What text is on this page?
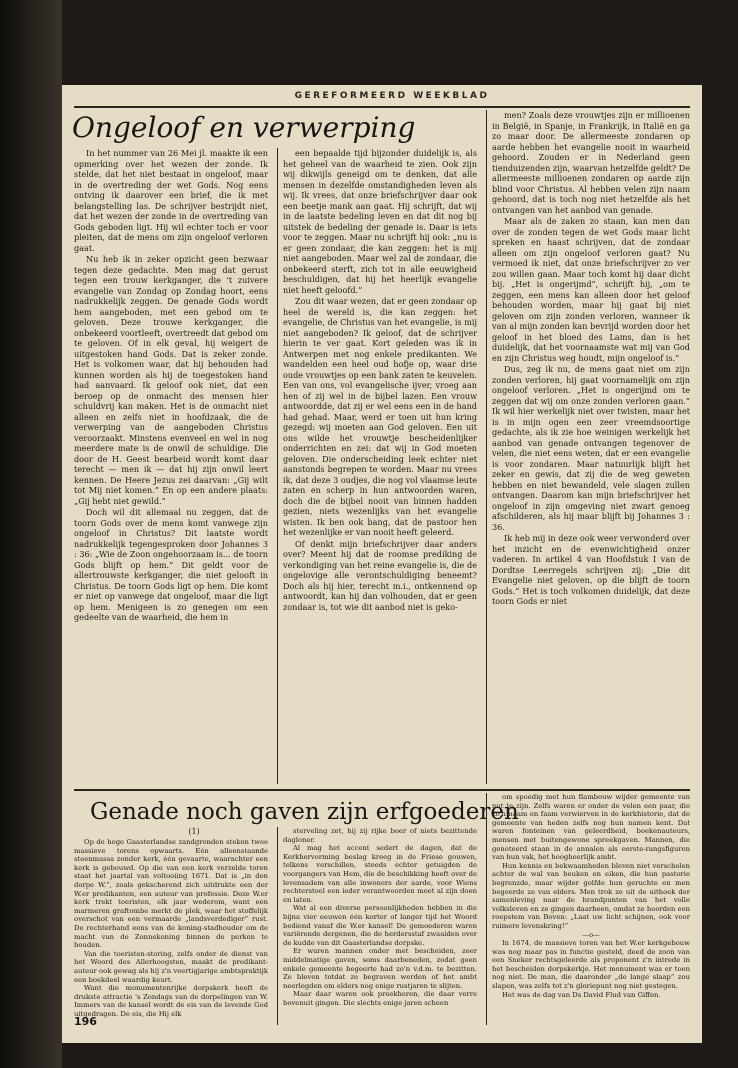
GEREFORMEERD WEEKBLAD
Ongeloof en verwerping

In het nummer van 26 Mei jl. maakte ik een opmerking over het wezen der zonde. Ik stelde, dat het niet bestaat in ongeloof, maar in de overtreding der wet Gods. Nog eens ontving ik daarover een brief, die ik met belangstelling las. De schrijver bestrijdt niet, dat het wezen der zonde in de overtreding van Gods geboden ligt. Hij wil echter toch er voor pleiten, dat de mens om zijn ongeloof verloren gaat.

Nu heb ik in zeker opzicht geen bezwaar tegen deze gedachte. Men mag dat gerust tegen een trouw kerkganger, die 't zuivere evangelie van Zondag op Zondag hoort, eens nadrukkelijk zeggen. De genade Gods wordt hem aangeboden, met een gebod om te geloven. Deze trouwe kerkganger, die onbekeerd voortleeft, overtreedt dat gebod om te geloven. Of in elk geval, hij weigert de uitgestoken hand Gods. Dat is zeker zonde. Het is volkomen waar, dat hij behouden had kunnen worden als hij de toegestoken hand had aanvaard. Ik geloof ook niet, dat een beroep op de onmacht des mensen hier schuldvrij kan maken. Het is de onmacht niet alleen en zelfs niet in hoofdzaak, die de verwerping van de aangeboden Christus veroorzaakt. Minstens evenveel en wel in nog meerdere mate is de onwil de schuldige. Die door de H. Geest bearbeid wordt komt daar terecht — men ik — dat hij zijn onwil leert kennen. De Heere Jezus zei daarvan: „Gij wilt tot Mij niet komen.” En op een andere plaats: „Gij hebt niet gewild.”

Doch wil dit allemaal nu zeggen, dat de toorn Gods over de mens komt vanwege zijn ongeloof in Christus? Dit laatste wordt nadrukkelijk tegengesproken door Johannes 3 : 36: „Wie de Zoon ongehoorzaam is... de toorn Gods blijft op hem.” Dit geldt voor de allertrouwste kerkganger, die niet gelooft in Christus. De toorn Gods ligt op hem. Die komt er niet op vanwege dat ongeloof, maar die ligt op hem. Menigeen is zo genegen om een gedeelte van de waarheid, die hem in

een bepaalde tijd bijzonder duidelijk is, als het geheel van de waarheid te zien. Ook zijn wij dikwijls geneigd om te denken, dat alle mensen in dezelfde omstandigheden leven als wij. Ik vrees, dat onze briefschrijver daar ook een beetje mank aan gaat. Hij schrijft, dat wij in de laatste bedeling leven en dat dit nog bij uitstek de bedeling der genade is. Daar is iets voor te zeggen. Maar nu schrijft hij ook: „nu is er geen zondaar, die kan zeggen: het is mij niet aangeboden. Maar wel zal de zondaar, die onbekeerd sterft, zich tot in alle eeuwigheid beschuldigen, dat hij het heerlijk evangelie niet heeft geloofd.”

Zou dit waar wezen, dat er geen zondaar op heel de wereld is, die kan zeggen: het evangelie, de Christus van het evangelie, is mij niet aangeboden? Ik geloof, dat de schrijver hierin te ver gaat. Kort geleden was ik in Antwerpen met nog enkele predikanten. We wandelden een heel oud hofje op, waar drie oude vrouwtjes op een bank zaten te keuvelen. Een van ons, vol evangelische ijver, vroeg aan hen of zij wel in de bijbel lazen. Een vrouw antwoordde, dat zij er wel eens een in de hand had gehad. Maar, werd er toen uit hun kring gezegd: wij moeten aan God geloven. Een uit ons wilde het vrouwtje bescheidenlijker onderrichten en zei: dat wij in God moeten geloven. Die onderscheiding leek echter niet aanstonds begrepen te worden. Maar nu vrees ik, dat deze 3 oudjes, die nog vol vlaamse leute zaten en scherp in hun antwoorden waren, doch die de bijbel nooit van binnen hadden gezien, niets wezenlijks van het evangelie wisten. Ik ben ook bang, dat de pastoor hen het wezenlijke er van nooit heeft geleerd.

Of denkt mijn briefschrijver daar anders over? Meent hij dat de roomse prediking de verkondiging van het reine evangelie is, die de ongelovige alle verontschuldiging beneemt? Doch als hij hier, terecht m.i., ontkennend op antwoordt, kan hij dan volhouden, dat er geen zondaar is, tot wie dit aanbod niet is geko-

men? Zoals deze vrouwtjes zijn er millioenen in België, in Spanje, in Frankrijk, in Italië en ga zo maar door. De allermeeste zondaren op aarde hebben het evangelie nooit in waarheid gehoord. Zouden er in Nederland geen tienduizenden zijn, waarvan hetzelfde geldt? De allermeeste millioenen zondaren op aarde zijn blind voor Christus. Al hebben velen zijn naam gehoord, dat is toch nog niet hetzelfde als het ontvangen van het aanbod van genade.

Maar als de zaken zo staan, kan men dan over de zonden tegen de wet Gods maar licht spreken en haast schrijven, dat de zondaar alleen om zijn ongeloof verloren gaat? Nu vermoed ik niet, dat onze briefschrijver zo ver zou willen gaan. Maar toch komt hij daar dicht bij. „Het is ongerijmd”, schrijft hij, „om te zeggen, een mens kan alleen door het geloof behouden worden, maar hij gaat bij niet geloven om zijn zonden verloren, wanneer ik van al mijn zonden kan bevrijd worden door het geloof in het bloed des Lams, dan is het duidelijk, dat het voornaamste wat mij van God en zijn Christus weg houdt, mijn ongeloof is.”

Dus, zeg ik nu, de mens gaat niet om zijn zonden verloren, hij gaat voornamelijk om zijn ongeloof verloren. „Het is ongerijmd om te zeggen dat wij om onze zonden verloren gaan.” Ik wil hier werkelijk niet over twisten, maar het is in mijn ogen een zeer vreemdsoortige gedachte, als ik zie hoe weinigen werkelijk het aanbod van genade ontvangen tegenover de velen, die niet eens weten, dat er een evangelie is voor zondaren. Maar natuurlijk blijft het zeker en gewis, dat zij die de weg geweten hebben en niet bewandeld, vele slagen zullen ontvangen. Daarom kan mijn briefschrijver het ongeloof in zijn omgeving niet zwart genoeg afschilderen, als hij maar blijft bij Johannes 3 : 36.

Ik heb mij in deze ook weer verwonderd over het inzicht en de evenwichtigheid onzer vaderen. In artikel 4 van Hoofdstuk I van de Dordtse Leerregels schrijven zij: „Die dit Evangelie niet geloven, op die blijft de toorn Gods.” Het is toch volkomen duidelijk, dat deze toorn Gods er niet

Genade noch gaven zijn erfgoederen
(1)

Op de hoge Gaasterlandse zandgronden steken twee massieve torens opwaarts. Eén alleenstaande steenmassa zonder kerk, één gevaarte, waarachter een kerk is gebouwd. Op die van een kerk verzelde toren staat het jaartal van voltooiing 1671. Dat is „in den dorpe W.”, zoals gekscherend zich uitdrukte een der W.er predikanten, een auteur van professie. Deze W.er kerk trekt toeristen, elk jaar wederom, want een marmeren graftombe merkt de plek, waar het stoffelijk overschot van een vermaarde „landsverdediger” rust. De rechterhand eens van de koning-stadhouder om de macht van de Zonnekoning binnen de perken te houden.

Van die toeristen-storing, zelfs onder de dienst van het Woord des Allerhoogsten, maakt de predikant-auteur ook gewag als hij z'n veertigjarige ambtspraktijk een boekdeel waardig keurt.

Want die monumentenrijke dorpskerk heeft de drukste attractie 's Zondags van de dorpelingen van W. Immers van de kansel wordt de eis van de levende God uitgedragen. De eis, die Hij elk

sterveling zet, hij zij rijke boer of niets bezittende dagloner.

Al mag het accent sedert de dagen, dat de Kerkhervorming beslag kreeg in de Friese gouwen, telkens verschillen, steeds echter getuigden de voorgangers van Hem, die de beschikking heeft over de levensadem van alle inwoners der aarde, voor Wiens rechterstoel een ieder verantwoorden moet al zijn doen en laten.

Wat al een diverse persoonlijkheden hebben in die bijna vier eeuwen één korter of langer tijd het Woord bediend vanaf die W.er kansel! De gemoederen waren variërende dergenen, die de herdersstaf zwaaiden over de kudde van dit Gaasterlandse dorpske.

Er waren mannen onder met bescheiden, zeer middelmatige gaven, soms daarbeneden, zodat geen enkele gemeente begeerte had zo'n v.d.m. te bezitten. Ze bleven totdat ze begraven werden of het ambt neerlegden om elders nog enige rustjaren te slijten.

Maar daar waren ook preekheren, die daar verre bovenuit gingen. Die slechts enige jaren scheen

om spoedig met hun flambouw wijder gemeente van nut te zijn. Zelfs waren er onder de velen een paar, die zo'n naam en faam verwierven in de kerkhistorie, dat de gemeente van heden zelfs nog hun namen kent. Dat waren fonteinen van geleerdheid, boekenauteurs, mensen met buitengewone spreekgaven. Mannen, die genoteerd staan in de annalen als eerste-rangsfiguren van hun vak, het hoogheerlijk ambt.

Hun kennis en bekwaamheden bleven niet verscholen achter de wal van beuken en eiken, die hun pastorie begrenzde, maar wijder golfde hun geruchte en men begeerde ze van elders. Men trok ze uit de uithoek der samenleving naar de brandpunten van het volle volksleven en ze gingen daarheen, omdat ze hoorden een roepstem van Boven: „Laat uw licht schijnen, ook voor ruimere levenskring!”

—o—

In 1674, de massieve toren van het W.er kerkgebouw was nog maar pas in functie gesteld, deed de zoon van een Sneker rechtsgeleerde als proponent z'n intrede in het bescheiden dorpskerkje. Het monument was er toen nog niet. De man, die daaronder „de lange slaap” zou slapen, was zelfs tot z'n gloriepunt nog niet gestegen.

Het was de dag van Ds David Flud van Giffen.

196
